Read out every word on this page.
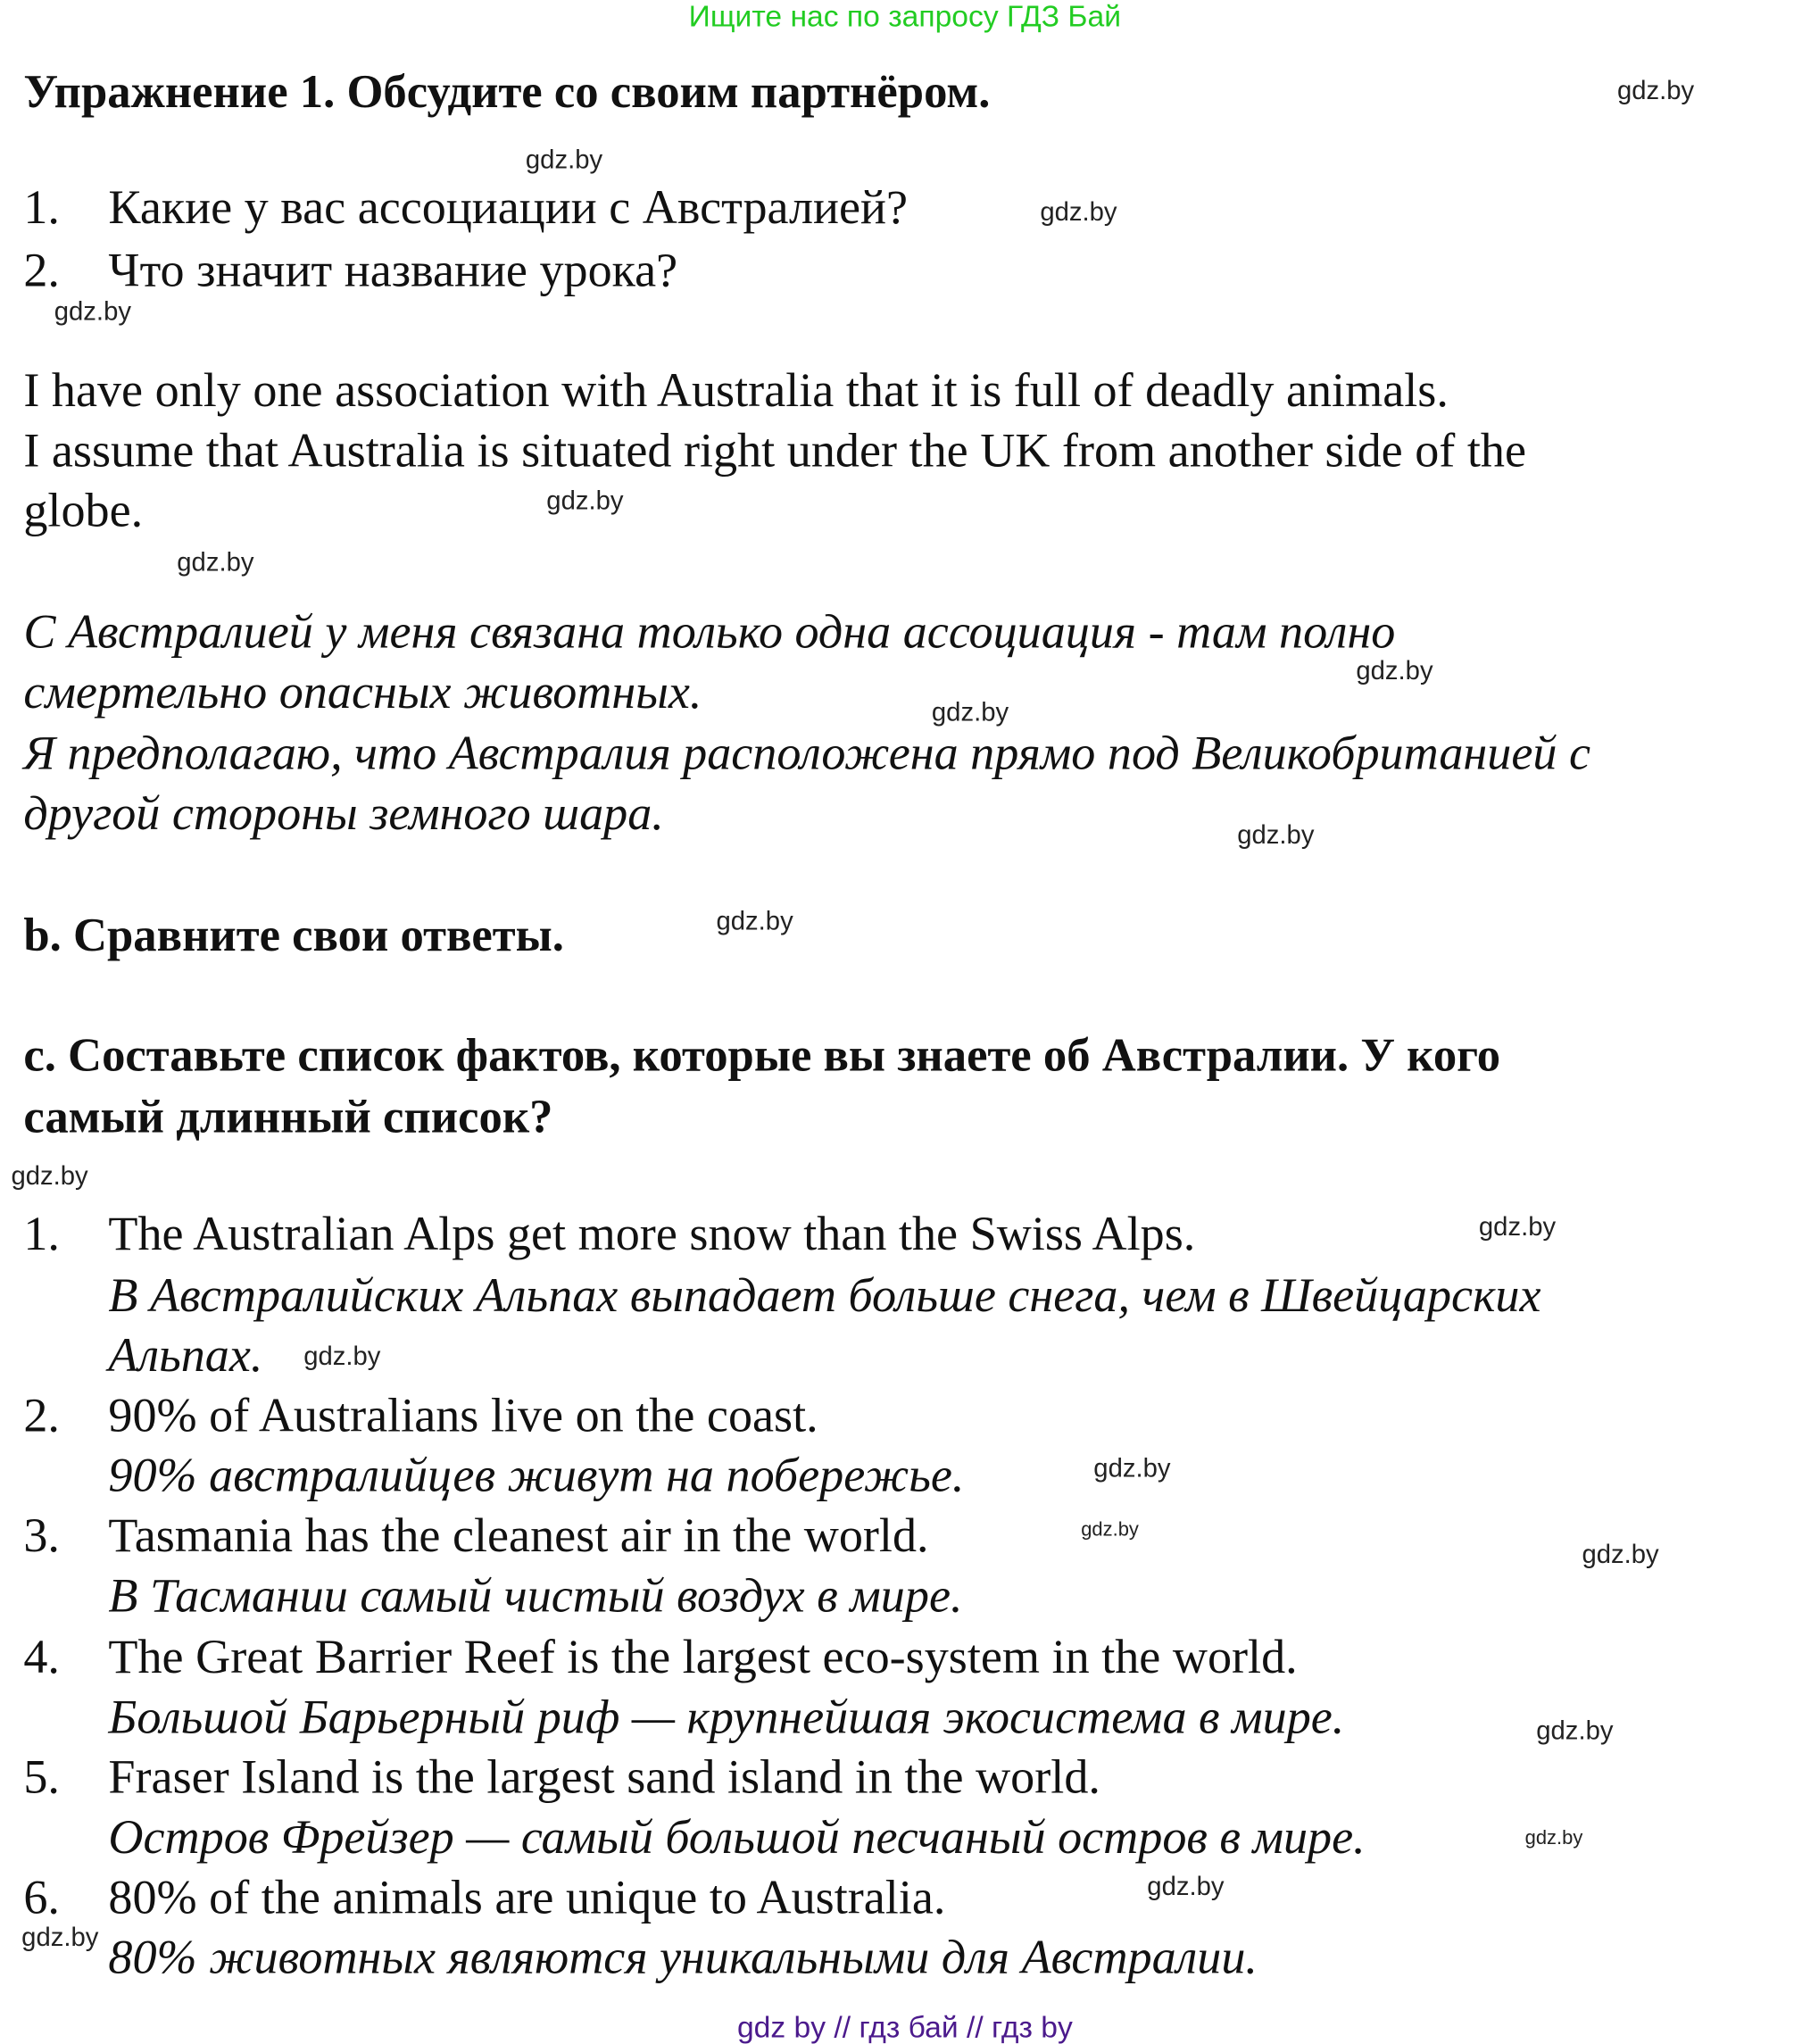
Ищите нас по запросу ГДЗ Бай
Упражнение 1. Обсудите со своим партнёром.
1. Какие у вас ассоциации с Австралией?
2. Что значит название урока?
I have only one association with Australia that it is full of deadly animals.
I assume that Australia is situated right under the UK from another side of the
globe.
С Австралией у меня связана только одна ассоциация - там полно
смертельно опасных животных.
Я предполагаю, что Австралия расположена прямо под Великобританией с
другой стороны земного шара.
b. Сравните свои ответы.
c. Составьте список фактов, которые вы знаете об Австралии. У кого
самый длинный список?
1. The Australian Alps get more snow than the Swiss Alps.
В Австралийских Альпах выпадает больше снега, чем в Швейцарских
Альпах.
2. 90% of Australians live on the coast.
90% австралийцев живут на побережье.
3. Tasmania has the cleanest air in the world.
В Тасмании самый чистый воздух в мире.
4. The Great Barrier Reef is the largest eco-system in the world.
Большой Барьерный риф — крупнейшая экосистема в мире.
5. Fraser Island is the largest sand island in the world.
Остров Фрейзер — самый большой песчаный остров в мире.
6. 80% of the animals are unique to Australia.
80% животных являются уникальными для Австралии.
gdz.by
gdz.by
gdz.by
gdz.by
gdz.by
gdz.by
gdz.by
gdz.by
gdz.by
gdz.by
gdz.by
gdz.by
gdz.by
gdz.by
gdz.by
gdz.by
gdz.by
gdz.by
gdz.by
gdz.by
gdz by // гдз бай // гдз by
